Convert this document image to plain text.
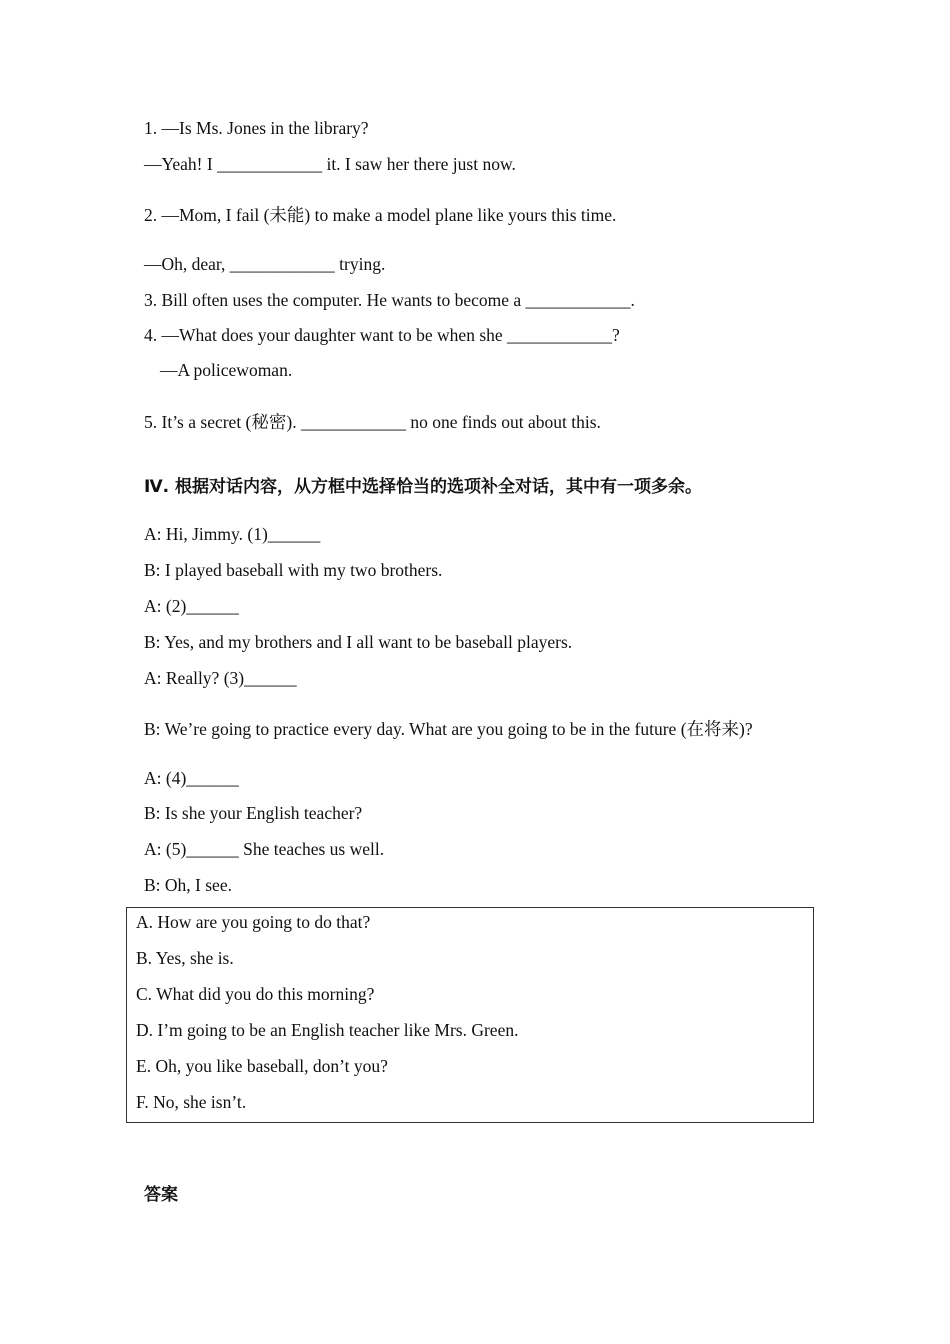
1. —Is Ms. Jones in the library?
—Yeah! I ____________ it. I saw her there just now.
2. —Mom, I fail (未能) to make a model plane like yours this time.
—Oh, dear, ____________ trying.
3. Bill often uses the computer. He wants to become a ____________.
4. —What does your daughter want to be when she ____________?
—A policewoman.
5. It’s a secret (秘密). ____________ no one finds out about this.
Ⅳ. 根据对话内容，从方框中选择恰当的选项补全对话，其中有一项多余。
A: Hi, Jimmy. (1)______
B: I played baseball with my two brothers.
A: (2)______
B: Yes, and my brothers and I all want to be baseball players.
A: Really? (3)______
B: We’re going to practice every day. What are you going to be in the future (在将来)?
A: (4)______
B: Is she your English teacher?
A: (5)______ She teaches us well.
B: Oh, I see.
A. How are you going to do that?
B. Yes, she is.
C. What did you do this morning?
D. I’m going to be an English teacher like Mrs. Green.
E. Oh, you like baseball, don’t you?
F. No, she isn’t.
答案
